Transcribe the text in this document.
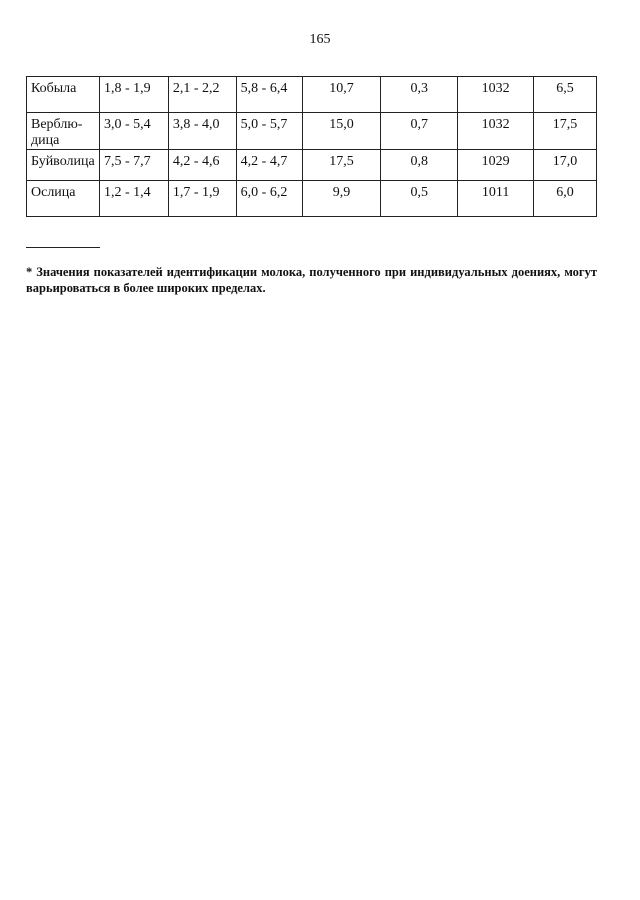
165
Кобыла	1,8 - 1,9	2,1 - 2,2	5,8 - 6,4	10,7	0,3	1032	6,5
Верблю-
дица	3,0 - 5,4	3,8 - 4,0	5,0 - 5,7	15,0	0,7	1032	17,5
Буйволица	7,5 - 7,7	4,2 - 4,6	4,2 - 4,7	17,5	0,8	1029	17,0
Ослица	1,2 - 1,4	1,7 - 1,9	6,0 - 6,2	9,9	0,5	1011	6,0
* Значения показателей идентификации молока, полученного при индивидуальных доениях, могут варьироваться в более широких пределах.
